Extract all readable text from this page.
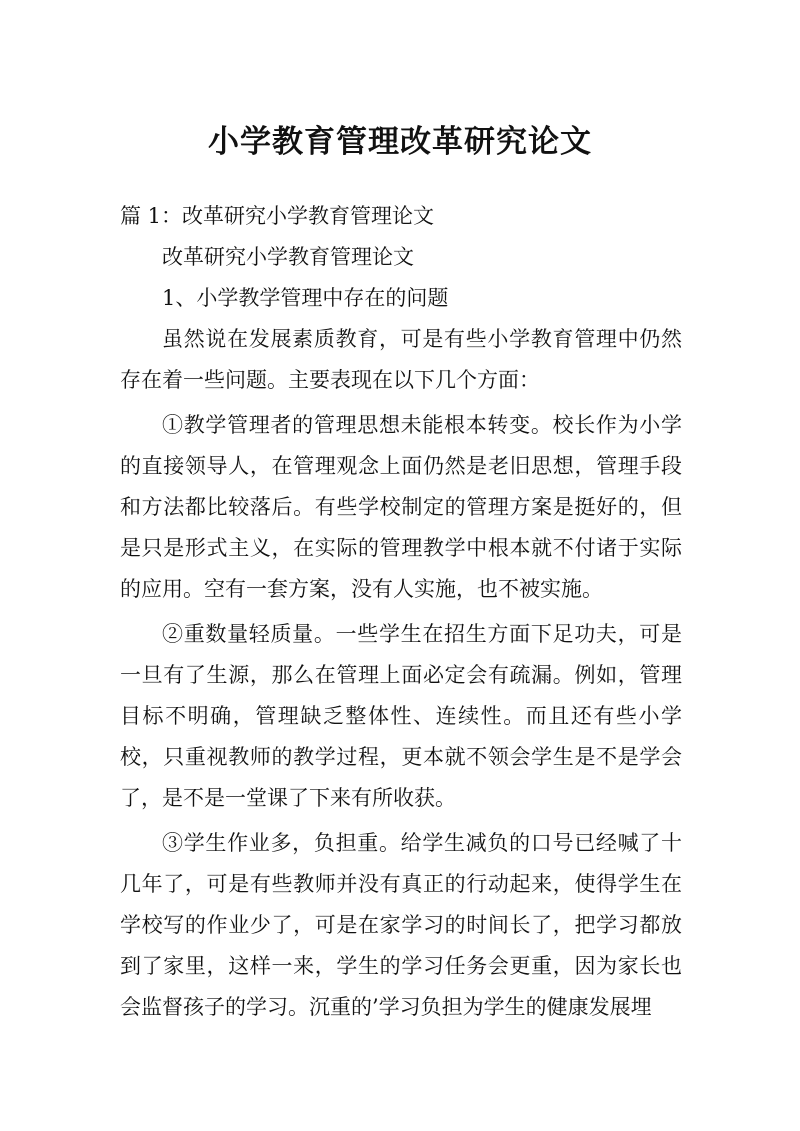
小学教育管理改革研究论文

篇 1：改革研究小学教育管理论文

改革研究小学教育管理论文

1、小学教学管理中存在的问题

虽然说在发展素质教育，可是有些小学教育管理中仍然存在着一些问题。主要表现在以下几个方面：

①教学管理者的管理思想未能根本转变。校长作为小学的直接领导人，在管理观念上面仍然是老旧思想，管理手段和方法都比较落后。有些学校制定的管理方案是挺好的，但是只是形式主义，在实际的管理教学中根本就不付诸于实际的应用。空有一套方案，没有人实施，也不被实施。

②重数量轻质量。一些学生在招生方面下足功夫，可是一旦有了生源，那么在管理上面必定会有疏漏。例如，管理目标不明确，管理缺乏整体性、连续性。而且还有些小学校，只重视教师的教学过程，更本就不领会学生是不是学会了，是不是一堂课了下来有所收获。

③学生作业多，负担重。给学生减负的口号已经喊了十几年了，可是有些教师并没有真正的行动起来，使得学生在学校写的作业少了，可是在家学习的时间长了，把学习都放到了家里，这样一来，学生的学习任务会更重，因为家长也会监督孩子的学习。沉重的’学习负担为学生的健康发展埋
